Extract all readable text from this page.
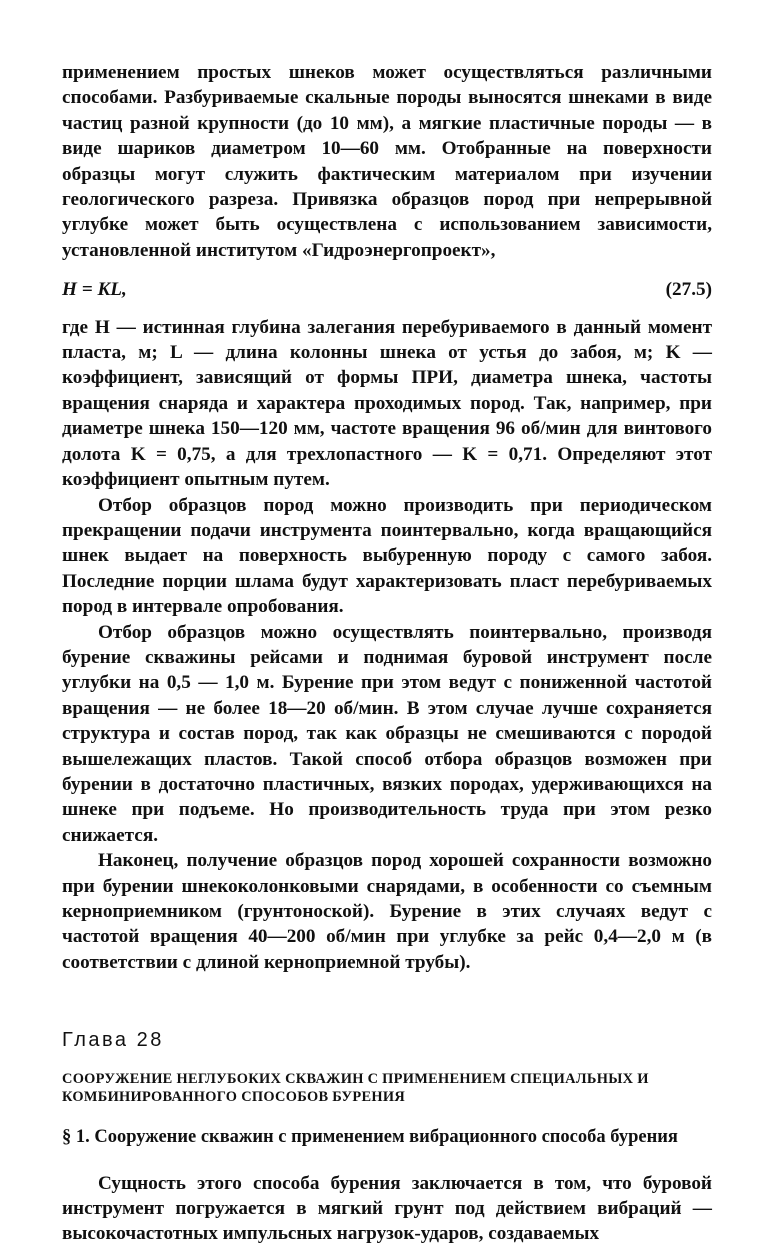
применением простых шнеков может осуществляться различными способами. Разбуриваемые скальные породы выносятся шнеками в виде частиц разной крупности (до 10 мм), а мягкие пластичные породы — в виде шариков диаметром 10—60 мм. Отобранные на поверхности образцы могут служить фактическим материалом при изучении геологического разреза. Привязка образцов пород при непрерывной углубке может быть осуществлена с использованием зависимости, установленной институтом «Гидроэнергопроект»,

H = KL,	(27.5)

где H — истинная глубина залегания перебуриваемого в данный момент пласта, м; L — длина колонны шнека от устья до забоя, м; K — коэффициент, зависящий от формы ПРИ, диаметра шнека, частоты вращения снаряда и характера проходимых пород. Так, например, при диаметре шнека 150—120 мм, частоте вращения 96 об/мин для винтового долота K = 0,75, а для трехлопастного — K = 0,71. Определяют этот коэффициент опытным путем.

Отбор образцов пород можно производить при периодическом прекращении подачи инструмента поинтервально, когда вращающийся шнек выдает на поверхность выбуренную породу с самого забоя. Последние порции шлама будут характеризовать пласт перебуриваемых пород в интервале опробования.

Отбор образцов можно осуществлять поинтервально, производя бурение скважины рейсами и поднимая буровой инструмент после углубки на 0,5 — 1,0 м. Бурение при этом ведут с пониженной частотой вращения — не более 18—20 об/мин. В этом случае лучше сохраняется структура и состав пород, так как образцы не смешиваются с породой вышележащих пластов. Такой способ отбора образцов возможен при бурении в достаточно пластичных, вязких породах, удерживающихся на шнеке при подъеме. Но производительность труда при этом резко снижается.

Наконец, получение образцов пород хорошей сохранности возможно при бурении шнекоколонковыми снарядами, в особенности со съемным керноприемником (грунтоноской). Бурение в этих случаях ведут с частотой вращения 40—200 об/мин при углубке за рейс 0,4—2,0 м (в соответствии с длиной керноприемной трубы).

Глава 28
СООРУЖЕНИЕ НЕГЛУБОКИХ СКВАЖИН С ПРИМЕНЕНИЕМ СПЕЦИАЛЬНЫХ И КОМБИНИРОВАННОГО СПОСОБОВ БУРЕНИЯ
§ 1. Сооружение скважин с применением вибрационного способа бурения

Сущность этого способа бурения заключается в том, что буровой инструмент погружается в мягкий грунт под действием вибраций — высокочастотных импульсных нагрузок-ударов, создаваемых
